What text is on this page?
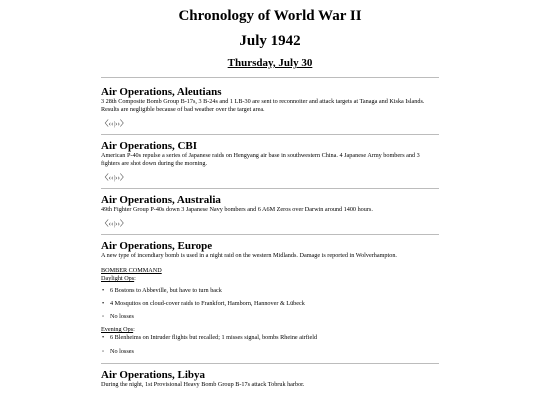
Chronology of World War II
July 1942
Thursday, July 30
Air Operations, Aleutians

3 28th Composite Bomb Group B-17s, 3 B-24s and 1 LB-30 are sent to reconnoiter and attack targets at Tanaga and Kiska Islands. Results are negligible because of bad weather over the target area.

〈‹‹|››〉
Air Operations, CBI

American P-40s repulse a series of Japanese raids on Hengyang air base in southwestern China. 4 Japanese Army bombers and 3 fighters are shot down during the morning.

〈‹‹|››〉
Air Operations, Australia

49th Fighter Group P-40s down 3 Japanese Navy bombers and 6 A6M Zeros over Darwin around 1400 hours.

〈‹‹|››〉
Air Operations, Europe

A new type of incendiary bomb is used in a night raid on the western Midlands. Damage is reported in Wolverhampton.

BOMBER COMMAND
Daylight Ops:
• 6 Bostons to Abbeville, but have to turn back
• 4 Mosquitos on cloud-cover raids to Frankfort, Hamborn, Hannover & Lübeck
◦ No losses
Evening Ops:
• 6 Blenheims on Intruder flights but recalled; 1 misses signal, bombs Rheine airfield
◦ No losses
Air Operations, Libya

During the night, 1st Provisional Heavy Bomb Group B-17s attack Tobruk harbor.
